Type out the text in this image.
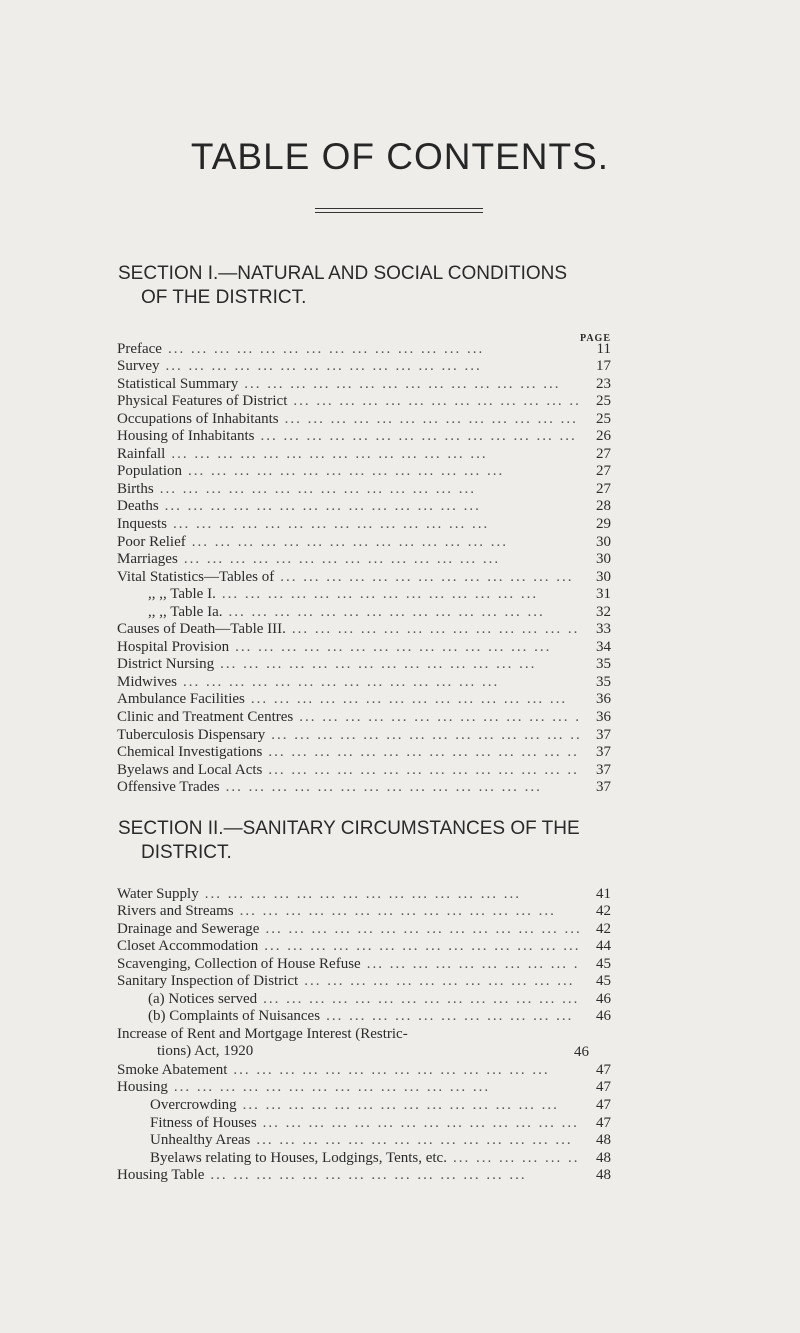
TABLE OF CONTENTS.
SECTION I.—NATURAL AND SOCIAL CONDITIONS
OF THE DISTRICT.
PAGE
Preface ... .	11
Survey ... .	17
Statistical Summary ... .	23
Physical Features of District ... .	25
Occupations of Inhabitants ... .	25
Housing of Inhabitants ... .	26
Rainfall ... .	27
Population ... .	27
Births ... .	27
Deaths ... .	28
Inquests ... .	29
Poor Relief ... .	30
Marriages ... .	30
Vital Statistics—Tables of ... .	30
,, ,, Table I. ... .	31
,, ,, Table Ia. ... .	32
Causes of Death—Table III. ... .	33
Hospital Provision ... .	34
District Nursing ... .	35
Midwives ... .	35
Ambulance Facilities ... .	36
Clinic and Treatment Centres ... .	36
Tuberculosis Dispensary ... .	37
Chemical Investigations ... .	37
Byelaws and Local Acts ... .	37
Offensive Trades ... .	37
SECTION II.—SANITARY CIRCUMSTANCES OF THE
DISTRICT.
Water Supply ... .	41
Rivers and Streams ... .	42
Drainage and Sewerage ... .	42
Closet Accommodation ... .	44
Scavenging, Collection of House Refuse ... .	45
Sanitary Inspection of District ... .	45
(a) Notices served ... .	46
(b) Complaints of Nuisances ... .	46
Increase of Rent and Mortgage Interest (Restric-
tions) Act, 1920	46
Smoke Abatement ... .	47
Housing ... .	47
Overcrowding ... .	47
Fitness of Houses ... .	47
Unhealthy Areas ... .	48
Byelaws relating to Houses, Lodgings, Tents, etc. ... .	48
Housing Table ... .	48
